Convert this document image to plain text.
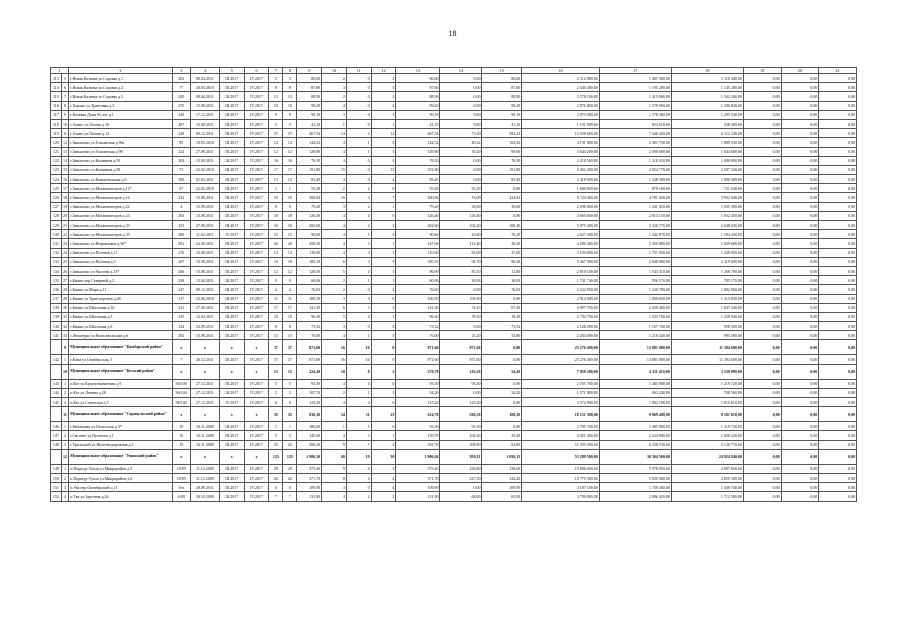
18
1		2	3	4	5	6	7	8	9	10	11	12	13	14	15	16	17	18	19	20	21
113	5	г.Новая Казанка ул.Садовая д.1	202	08.04.2011	III.2017	IV.2017	5	5	86,00	2	0	2	86,00	0,00	86,00	2 512 000,00	1 401 560,00	1 110 440,00	0,00	0,00	0,00
114	6	г.Новая Казанка ул.Садовая д.2	77	20.03.2010	III.2017	IV.2017	8	8	87,60	3	0	3	87,60	0,00	87,60	2 340 400,00	1 195 200,00	1 145 200,00	0,00	0,00	0,00
115	7	г.Новая Казанка ул.Садовая д.3	200	08.04.2011	III.2017	IV.2017	13	13	88,90	2	0	2	88,90	0,00	88,90	2 578 100,00	1 415 900,00	1 162 200,00	0,00	0,00	0,00
116	8	г.Хорхио ул.Трактовая д.3	270	15.08.2011	III.2017	IV.2017	10	10	99,20	4	0	4	99,20	0,00	99,20	2 876 800,00	1 579 960,00	1 296 840,00	0,00	0,00	0,00
117	9	г.Кочевка Дома 65 лет д.1	249	17.12.2011	III.2017	IV.2017	9	9	99,10	3	0	3	99,10	0,00	99,10	2 873 900,00	1 578 360,00	1 295 540,00	0,00	0,00	0,00
118	10	г.Азино ул.Лесная д.10	287	15.08.2011	III.2017	IV.2017	5	5	41,10	1	0	1	41,10	0,00	41,10	1 191 900,00	654 610,00	538 490,00	0,00	0,00	0,00
119	11	г.Азино ул.Лесная д.12	248	09.12.2011	III.2017	IV.2017	37	37	467,54	14	2	12	467,54	73,30	394,24	13 558 660,00	7 446 420,00	6 112 240,00	0,00	0,00	0,00
120	12	г.Завьялово ул.Гольянская д.96а	85	18.03.2010	III.2017	IV.2017	14	14	144,52	4	1	3	144,52	40,22	104,30	4 191 080,00	2 301 750,00	1 889 330,00	0,00	0,00	0,00
121	13	г.Завьялово ул.Гольянская д.98	224	27.09.2011	III.2017	IV.2017	12	12	129,80	4	1	3	129,80	30,20	99,60	3 644 200,00	2 000 600,00	1 644 600,00	0,00	0,00	0,00
122	14	г.Завьялово ул.Калинина д.59	304	15.09.2011	III.2017	IV.2017	16	16	76,50	4	0	4	76,50	0,00	76,50	2 218 500,00	1 218 410,00	1 000 090,00	0,00	0,00	0,00
123	15	г.Завьялово ул.Калинина д.58	73	22.02.2010	III.2017	IV.2017	17	17	191,80	15	0	15	191,80	0,00	191,80	5 562 200,00	3 054 770,00	2 507 430,00	0,00	0,00	0,00
124	16	г.Завьялово ул.Коммунальная д.9	180	01.03.2011	III.2017	IV.2017	13	13	83,40	4	0	4	83,40	0,00	83,40	2 418 600,00	1 328 300,00	1 090 300,00	0,00	0,00	0,00
125	17	г.Завьялово ул.Механизаторов д.12*	67	22.02.2010	III.2017	IV.2017	1	1	55,20	2	2	0	55,20	55,20	0,00	1 600 800,00	879 160,00	721 640,00	0,00	0,00	0,00
126	18	г.Завьялово ул.Механизаторов д.16	232	15.09.2011	III.2017	IV.2017	10	10	300,84	10	3	7	300,84	76,00	224,84	8 724 360,00	4 791 420,00	3 932 940,00	0,00	0,00	0,00
127	19	г.Завьялово ул.Механизаторов д.22	4	15.09.2011	III.2017	IV.2017	8	8	79,20	3	2	1	79,20	39,60	39,60	2 296 800,00	1 261 410,00	1 035 390,00	0,00	0,00	0,00
128	20	г.Завьялово ул.Механизаторов д.24	203	15.08.2011	III.2017	IV.2017	18	18	126,40	4	4	0	126,40	126,40	0,00	3 665 600,00	2 013 150,00	1 652 450,00	0,00	0,00	0,00
129	21	г.Завьялово ул.Механизаторов д.33	233	27.09.2011	III.2017	IV.2017	16	16	202,60	4	2	2	202,60	102,20	100,40	5 875 400,00	3 226 770,00	2 648 630,00	0,00	0,00	0,00
130	22	г.Завьялово ул.Механизаторов д.35	300	11.02.2011	IV.2017	IV.2017	15	15	90,60	4	1	3	90,60	20,60	70,20	2 627 400,00	1 442 970,00	1 184 430,00	0,00	0,00	0,00
131	23	г.Завьялово ул.Нефтяников д.36*	201	23.09.2011	III.2017	IV.2017	26	26	258,30	4	3	1	147,66	111,40	36,20	4 280 400,00	2 350 800,00	1 929 600,00	0,00	0,00	0,00
132	24	г.Завьялово ул.Полевая д.11	276	15.08.2011	III.2017	IV.2017	14	14	110,00	4	3	1	110,00	83,00	27,00	3 190 000,00	1 751 950,00	1 438 050,00	0,00	0,00	0,00
133	25	г.Завьялово ул.Полевая д.5	207	15.09.2011	III.2017	IV.2017	18	18	185,10	6	3	3	185,10	94,70	90,40	5 367 900,00	2 948 060,00	2 419 840,00	0,00	0,00	0,00
134	26	г.Завьялово ул.Чкалова д.13*	206	15.08.2011	III.2017	IV.2017	12	12	120,50	5	4	1	96,90	85,10	11,80	2 810 100,00	1 543 310,00	1 266 790,00	0,00	0,00	0,00
135	27	г.Кияик пер.Северный д.2	238	12.04.2011	III.2017	IV.2017	9	9	60,06	2	1	1	60,06	30,03	30,03	1 741 740,00	956 570,00	785 170,00	0,00	0,00	0,00
136	28	г.Кияик ул.Мира д.11	247	09.12.2011	III.2017	IV.2017	4	4	76,65	2	0	2	76,65	0,00	76,65	2 222 850,00	1 220 790,00	1 002 060,00	0,00	0,00	0,00
137	29	г.Кияик ул.Транспортная д.48	117	23.06.2010	III.2017	IV.2017	11	11	100,50	3	3	0	100,50	100,50	0,00	2 914 500,00	1 600 650,00	1 313 850,00	0,00	0,00	0,00
138	30	г.Кияик ул.Школьная д.30	231	27.09.2011	III.2017	IV.2017	17	17	141,30	6	3	3	141,30	74,10	67,20	4 097 700,00	2 250 460,00	1 847 240,00	0,00	0,00	0,00
139	31	г.Кияик ул.Школьная д.3	235	12.04.2011	III.2017	IV.2017	18	18	96,30	5	4	1	96,30	78,10	18,20	2 792 700,00	1 533 760,00	1 258 940,00	0,00	0,00	0,00
140	32	г.Кияик ул.Школьная д.8	234	23.09.2011	III.2017	IV.2017	8	8	73,32	3	0	3	73,32	0,00	73,32	2 126 280,00	1 167 760,00	958 520,00	0,00	0,00	0,00
141	33	г.Люкатуры ул.Комсомольская д.6	292	15.09.2011	III.2017	IV.2017	13	13	76,00	4	1	3	76,00	21,20	54,80	2 204 000,00	1 210 440,00	993 560,00	0,00	0,00	0,00
	9	Муниципальное образование "Камбарский район"	x	x	x	x	37	37	871,60	16	16	0	871,60	871,60	0,00	25 276 400,00	13 881 800,00	11 394 600,00	0,00	0,00	0,00
142	1	г.Кама ул.Октябрьская, 5	7	26.12.2011	III.2017	IV.2017	37	37	871,60	16	16	0	871,60	871,60	0,00	25 276 400,00	13 881 800,00	11 394 600,00	0,00	0,00	0,00
	10	Муниципальное образование "Кезский район"	x	x	x	x	15	15	324,20	10	8	2	270,70	216,50	54,20	7 850 300,00	4 311 410,00	3 538 890,00	0,00	0,00	0,00
143	1	п.Кез ул.Краснознаменная д.9	94/100	27.12.2011	III.2017	IV.2017	5	5	93,30	4	4	0	93,30	93,30	0,00	2 705 700,00	1 485 980,00	1 219 720,00	0,00	0,00	0,00
144	2	п.Кез ул.Ленина д.28	96/104	27.12.2011	III.2017	IV.2017	2	2	107,70	2	1	1	54,20	0,00	54,20	1 571 800,00	863 240,00	708 560,00	0,00	0,00	0,00
145	3	п.Кез ул.Советская д.5	96/102	27.12.2011	IV.2017	IV.2017	6	6	123,20	4	4	0	123,20	123,20	0,00	3 572 800,00	1 962 190,00	1 610 610,00	0,00	0,00	0,00
	11	Муниципальное образование "Сарапульский район"	x	x	x	x	35	35	836,30	34	11	23	614,70	506,50	108,20	18 151 300,00	9 969 490,00	8 181 810,00	0,00	0,00	0,00
146	1	г.Рябиновка ул.Полесская д.3*	15	16.11.2008	III.2017	IV.2017	1	1	186,80	1	1	0	93,30	93,30	0,00	2 705 700,00	1 485 980,00	1 219 720,00	0,00	0,00	0,00
147	2	г.Сигаево ул.Пугачева д.1	16	16.11.2008	III.2017	IV.2017	5	5	145,60	4	3	1	139,70	104,30	35,40	4 051 300,00	2 224 980,00	1 826 320,00	0,00	0,00	0,00
148	3	г.Уральский ул.Железнодорожная д.5	19	16.11.2008	III.2017	IV.2017	25	25	500,20	9	7	2	391,70	308,90	82,80	11 359 300,00	6 238 530,00	5 120 770,00	0,00	0,00	0,00
	12	Муниципальное образование "Увинский район"	x	x	x	x	125	125	1 906,50	49	19	30	1 906,04	850,11	1 056,15	55 289 500,00	30 364 560,00	24 924 940,00	0,00	0,00	0,00
149	1	п.Поршур-Тукля ул.Микрорайон д.5	18/09	11.12.2009	III.2017	IV.2017	29	29	375,40	9	6	3	375,40	236,80	138,60	10 886 600,00	5 978 950,00	4 907 650,00	0,00	0,00	0,00
150	2	п.Поршур-Тукля ул.Микрорайон д.6	18/09	11.12.2009	III.2017	IV.2017	26	26	371,70	8	4	4	371,70	227,50	144,20	10 779 300,00	5 920 000,00	4 859 300,00	0,00	0,00	0,00
151	3	п.Ува пер.Октябрьский д.11	6/п	29.09.2011	III.2017	IV.2017	6	6	109,90	4	0	4	109,90	0,00	109,90	3 187 100,00	1 750 360,00	1 436 740,00	0,00	0,00	0,00
152	4	п.Ува ул.Заречная д.26	6/09	30.10.2009	III.2017	IV.2017	7	7	131,90	4	2	2	131,90	68,00	63,90	3 799 000,00	2 086 420,00	1 712 580,00	0,00	0,00	0,00
